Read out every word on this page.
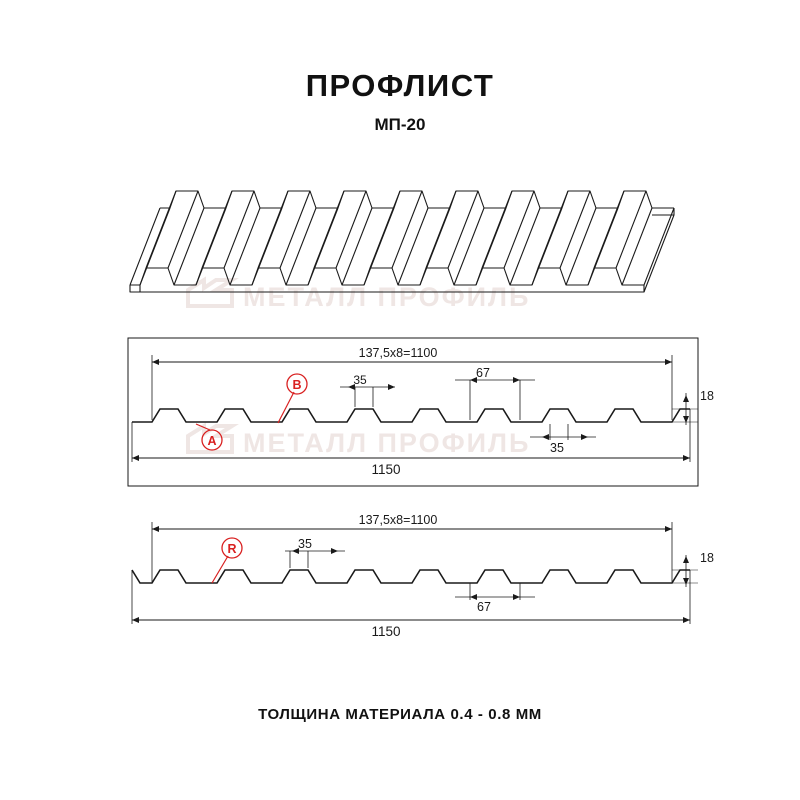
ПРОФЛИСТ
МП-20
МЕТАЛЛ ПРОФИЛЬ
МЕТАЛЛ ПРОФИЛЬ
137,5х8=1100
35	67
35
18
1150
B
A
137,5х8=1100
35
67
18
1150
R
ТОЛЩИНА МАТЕРИАЛА 0.4 - 0.8 ММ
